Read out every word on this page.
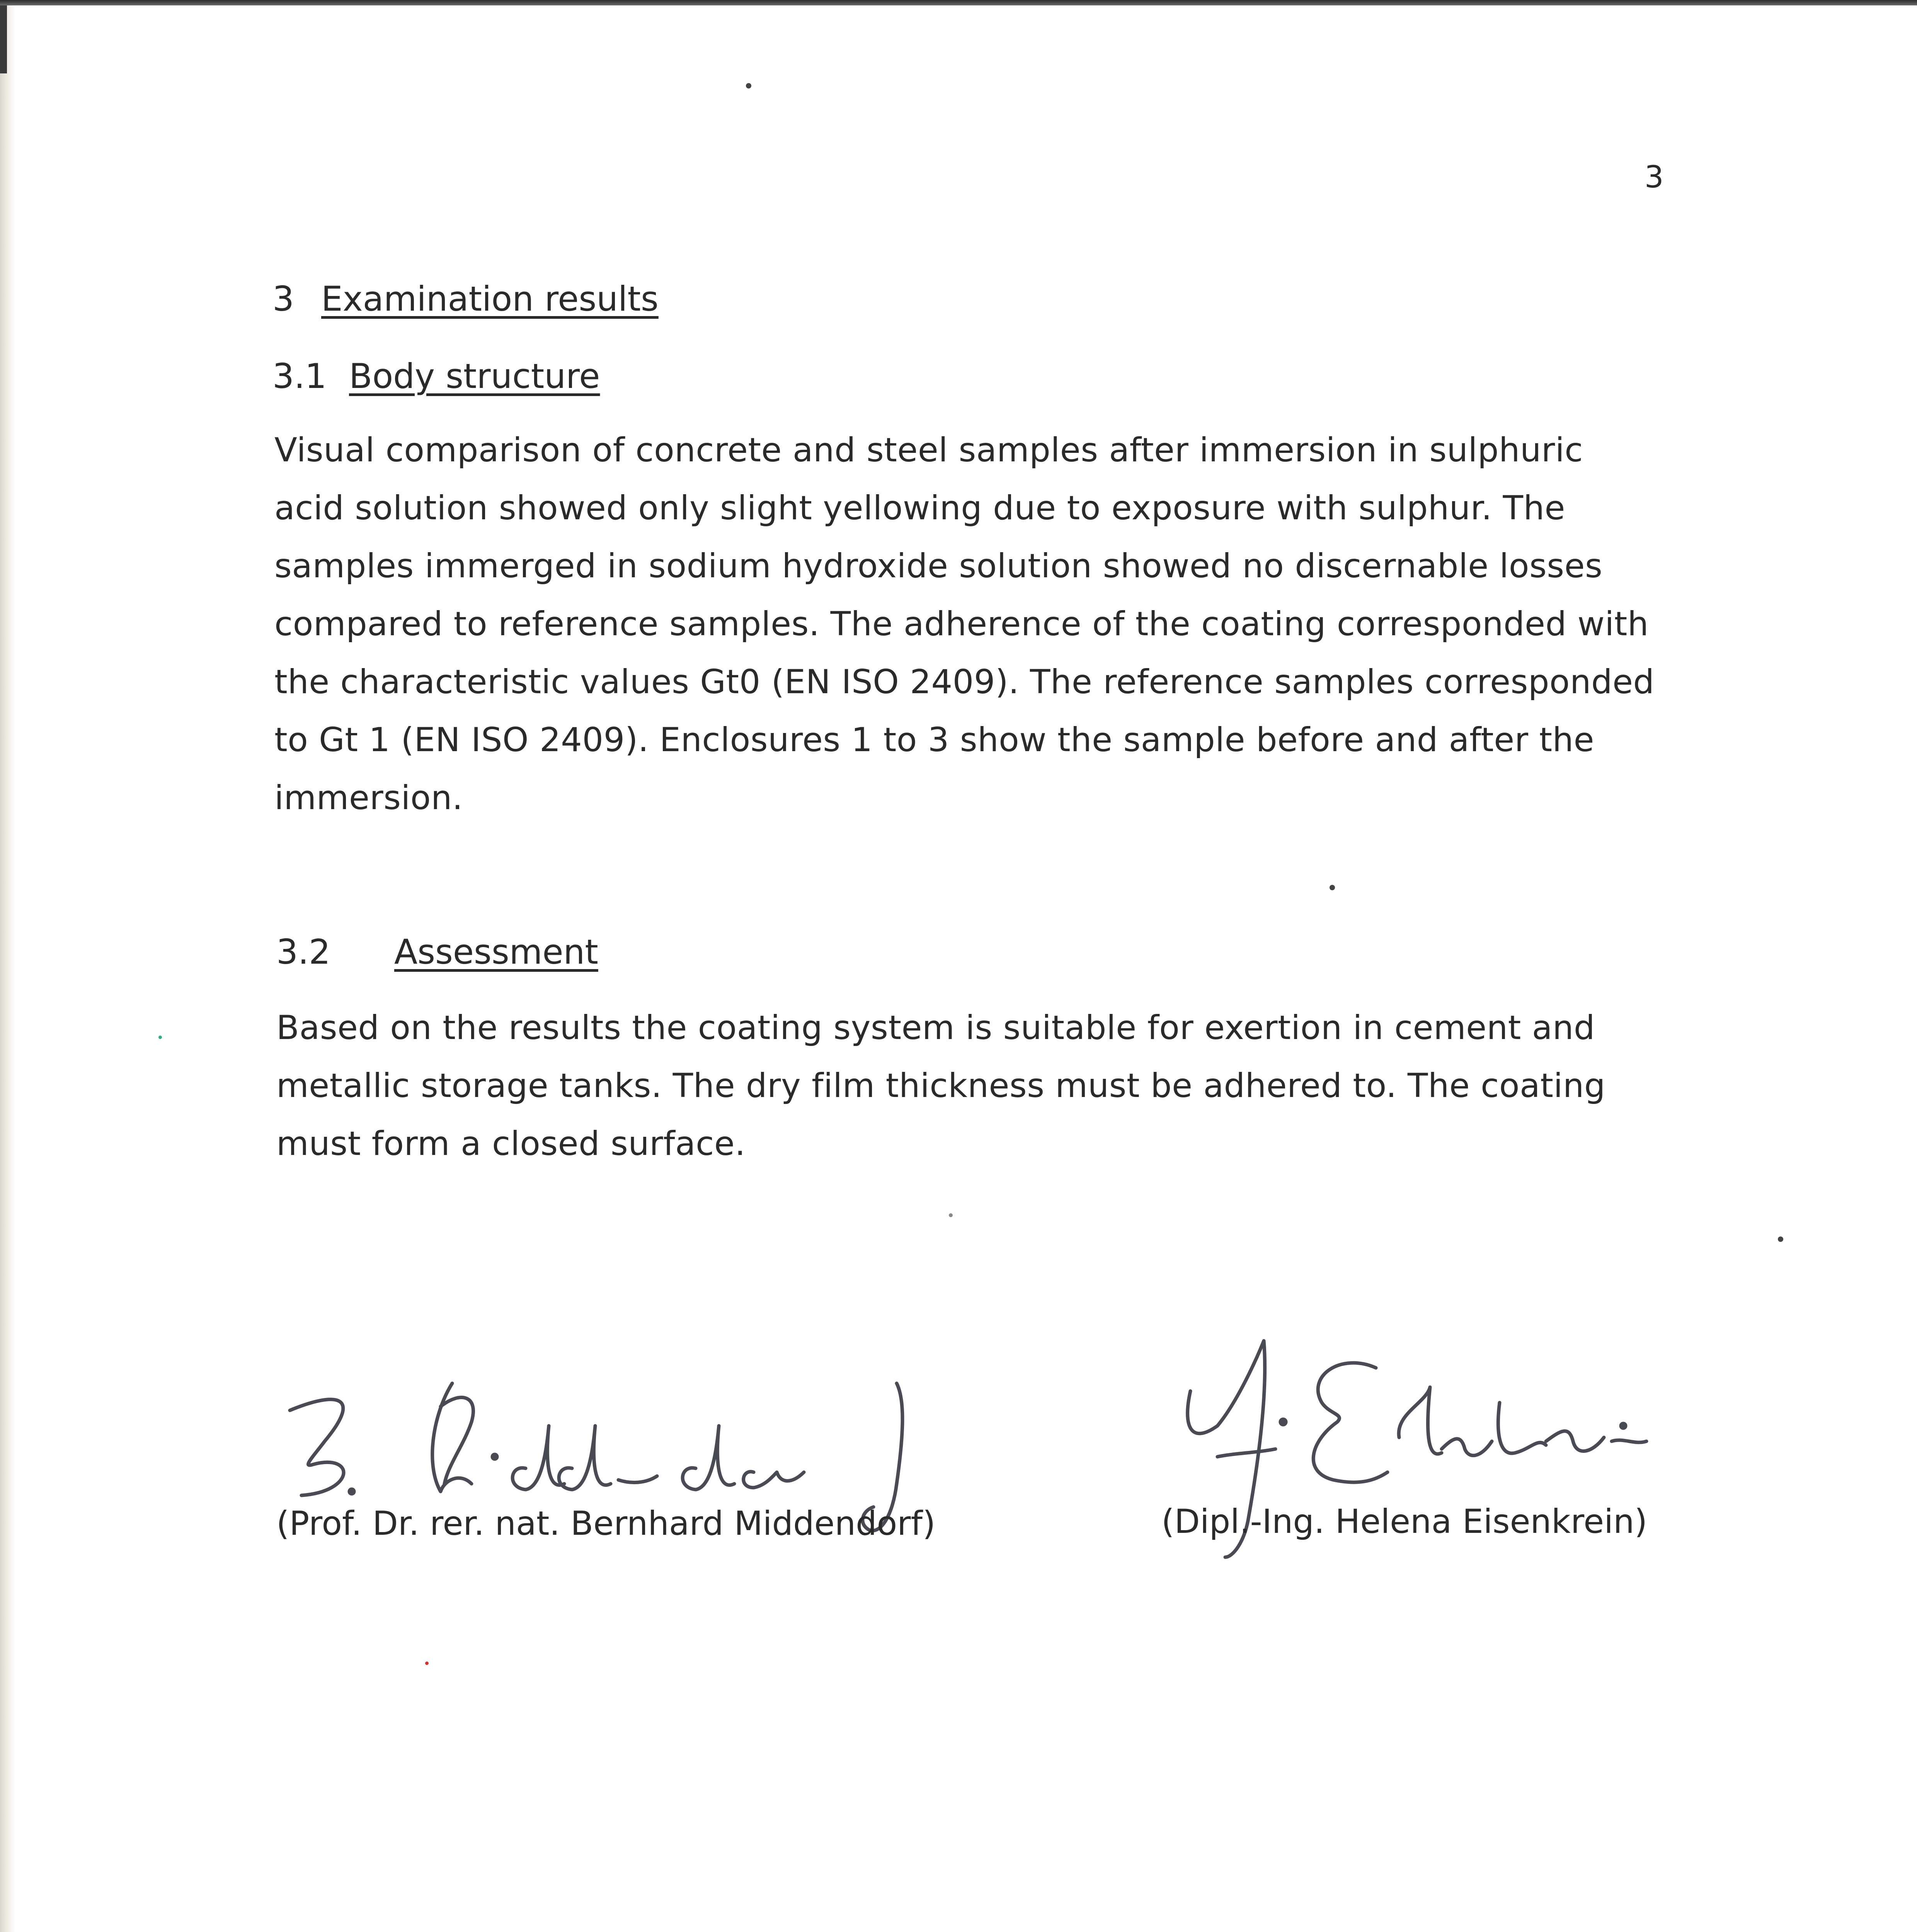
3
3 Examination results
3.1 Body structure
Visual comparison of concrete and steel samples after immersion in sulphuric
acid solution showed only slight yellowing due to exposure with sulphur. The
samples immerged in sodium hydroxide solution showed no discernable losses
compared to reference samples. The adherence of the coating corresponded with
the characteristic values Gt0 (EN ISO 2409). The reference samples corresponded
to Gt 1 (EN ISO 2409). Enclosures 1 to 3 show the sample before and after the
immersion.
3.2 Assessment
Based on the results the coating system is suitable for exertion in cement and
metallic storage tanks. The dry film thickness must be adhered to. The coating
must form a closed surface.
(Prof. Dr. rer. nat. Bernhard Middendorf)	(Dipl.-Ing. Helena Eisenkrein)
